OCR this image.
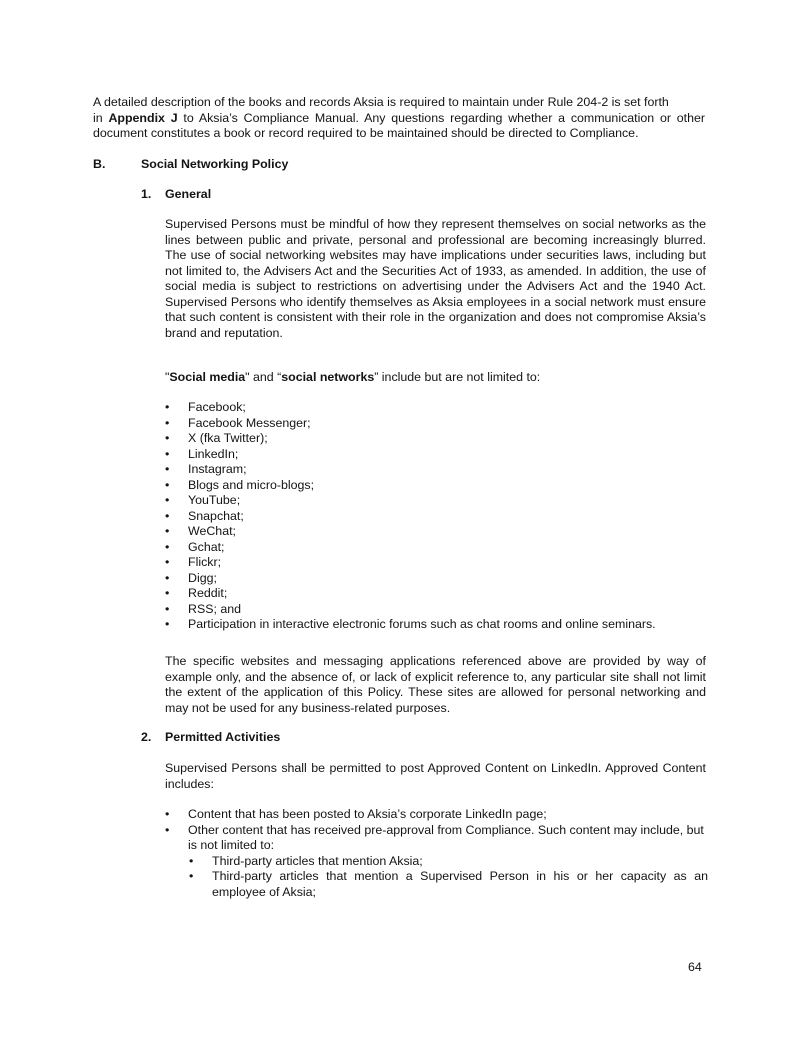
A detailed description of the books and records Aksia is required to maintain under Rule 204-2 is set forth
in Appendix J to Aksia’s Compliance Manual. Any questions regarding whether a communication or other document constitutes a book or record required to be maintained should be directed to Compliance.

B.	Social Networking Policy
1. General

Supervised Persons must be mindful of how they represent themselves on social networks as the lines between public and private, personal and professional are becoming increasingly blurred. The use of social networking websites may have implications under securities laws, including but not limited to, the Advisers Act and the Securities Act of 1933, as amended. In addition, the use of social media is subject to restrictions on advertising under the Advisers Act and the 1940 Act. Supervised Persons who identify themselves as Aksia employees in a social network must ensure that such content is consistent with their role in the organization and does not compromise Aksia’s brand and reputation.

"Social media" and “social networks” include but are not limited to:

• Facebook;
• Facebook Messenger;
• X (fka Twitter);
• LinkedIn;
• Instagram;
• Blogs and micro-blogs;
• YouTube;
• Snapchat;
• WeChat;
• Gchat;
• Flickr;
• Digg;
• Reddit;
• RSS; and
• Participation in interactive electronic forums such as chat rooms and online seminars.

The specific websites and messaging applications referenced above are provided by way of example only, and the absence of, or lack of explicit reference to, any particular site shall not limit the extent of the application of this Policy. These sites are allowed for personal networking and may not be used for any business-related purposes.

2. Permitted Activities

Supervised Persons shall be permitted to post Approved Content on LinkedIn. Approved Content includes:

• Content that has been posted to Aksia’s corporate LinkedIn page;
• Other content that has received pre-approval from Compliance. Such content may include, but is not limited to:
• Third-party articles that mention Aksia;
• Third-party articles that mention a Supervised Person in his or her capacity as an employee of Aksia;
64
